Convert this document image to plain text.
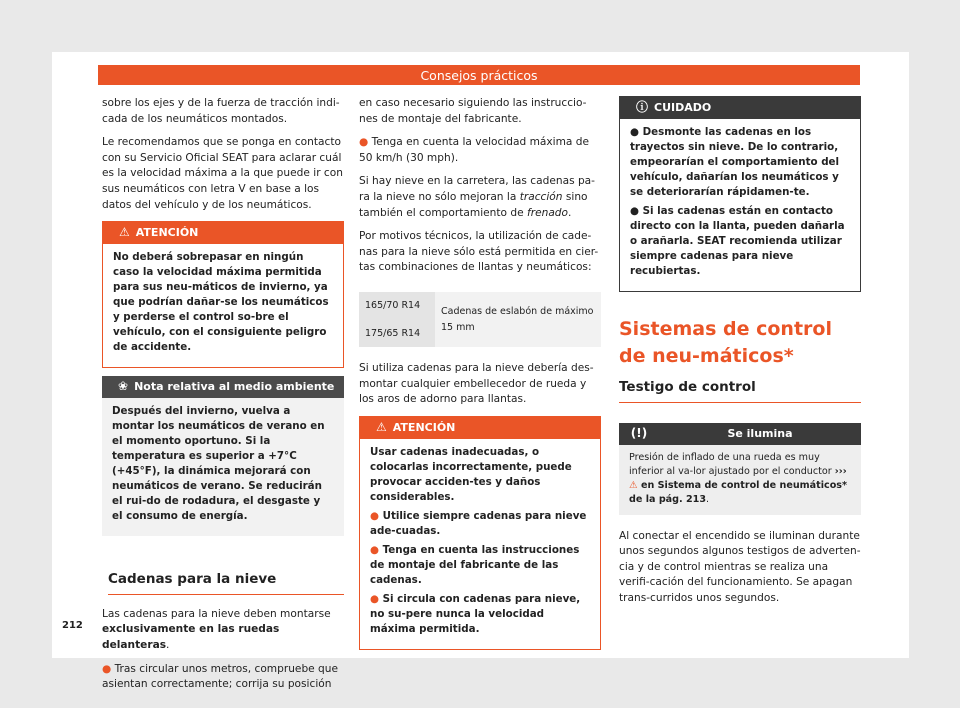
Consejos prácticos

sobre los ejes y de la fuerza de tracción indi-cada de los neumáticos montados.

Le recomendamos que se ponga en contacto con su Servicio Oficial SEAT para aclarar cuál es la velocidad máxima a la que puede ir con sus neumáticos con letra V en base a los datos del vehículo y de los neumáticos.

⚠ ATENCIÓN

No deberá sobrepasar en ningún caso la velocidad máxima permitida para sus neu-máticos de invierno, ya que podrían dañar-se los neumáticos y perderse el control so-bre el vehículo, con el consiguiente peligro de accidente.

❀ Nota relativa al medio ambiente

Después del invierno, vuelva a montar los neumáticos de verano en el momento oportuno. Si la temperatura es superior a +7°C (+45°F), la dinámica mejorará con neumáticos de verano. Se reducirán el rui-do de rodadura, el desgaste y el consumo de energía.

Cadenas para la nieve

Las cadenas para la nieve deben montarse exclusivamente en las ruedas delanteras.

● Tras circular unos metros, compruebe que asientan correctamente; corrija su posición

en caso necesario siguiendo las instruccio-nes de montaje del fabricante.

● Tenga en cuenta la velocidad máxima de 50 km/h (30 mph).

Si hay nieve en la carretera, las cadenas pa-ra la nieve no sólo mejoran la tracción sino también el comportamiento de frenado.

Por motivos técnicos, la utilización de cade-nas para la nieve sólo está permitida en cier-tas combinaciones de llantas y neumáticos:

165/70 R14	Cadenas de eslabón de máximo 15 mm
175/65 R14

Si utiliza cadenas para la nieve debería des-montar cualquier embellecedor de rueda y los aros de adorno para llantas.

⚠ ATENCIÓN

Usar cadenas inadecuadas, o colocarlas incorrectamente, puede provocar acciden-tes y daños considerables.

● Utilice siempre cadenas para nieve ade-cuadas.

● Tenga en cuenta las instrucciones de montaje del fabricante de las cadenas.

● Si circula con cadenas para nieve, no su-pere nunca la velocidad máxima permitida.

ⓘ CUIDADO

● Desmonte las cadenas en los trayectos sin nieve. De lo contrario, empeorarían el comportamiento del vehículo, dañarían los neumáticos y se deteriorarían rápidamen-te.

● Si las cadenas están en contacto directo con la llanta, pueden dañarla o arañarla. SEAT recomienda utilizar siempre cadenas para nieve recubiertas.

Sistemas de control de neu-máticos*
Testigo de control
(!)	Se ilumina
Presión de inflado de una rueda es muy inferior al va-lor ajustado por el conductor ››› ⚠ en Sistema de control de neumáticos* de la pág. 213.

Al conectar el encendido se iluminan durante unos segundos algunos testigos de adverten-cia y de control mientras se realiza una verifi-cación del funcionamiento. Se apagan trans-curridos unos segundos.

212
